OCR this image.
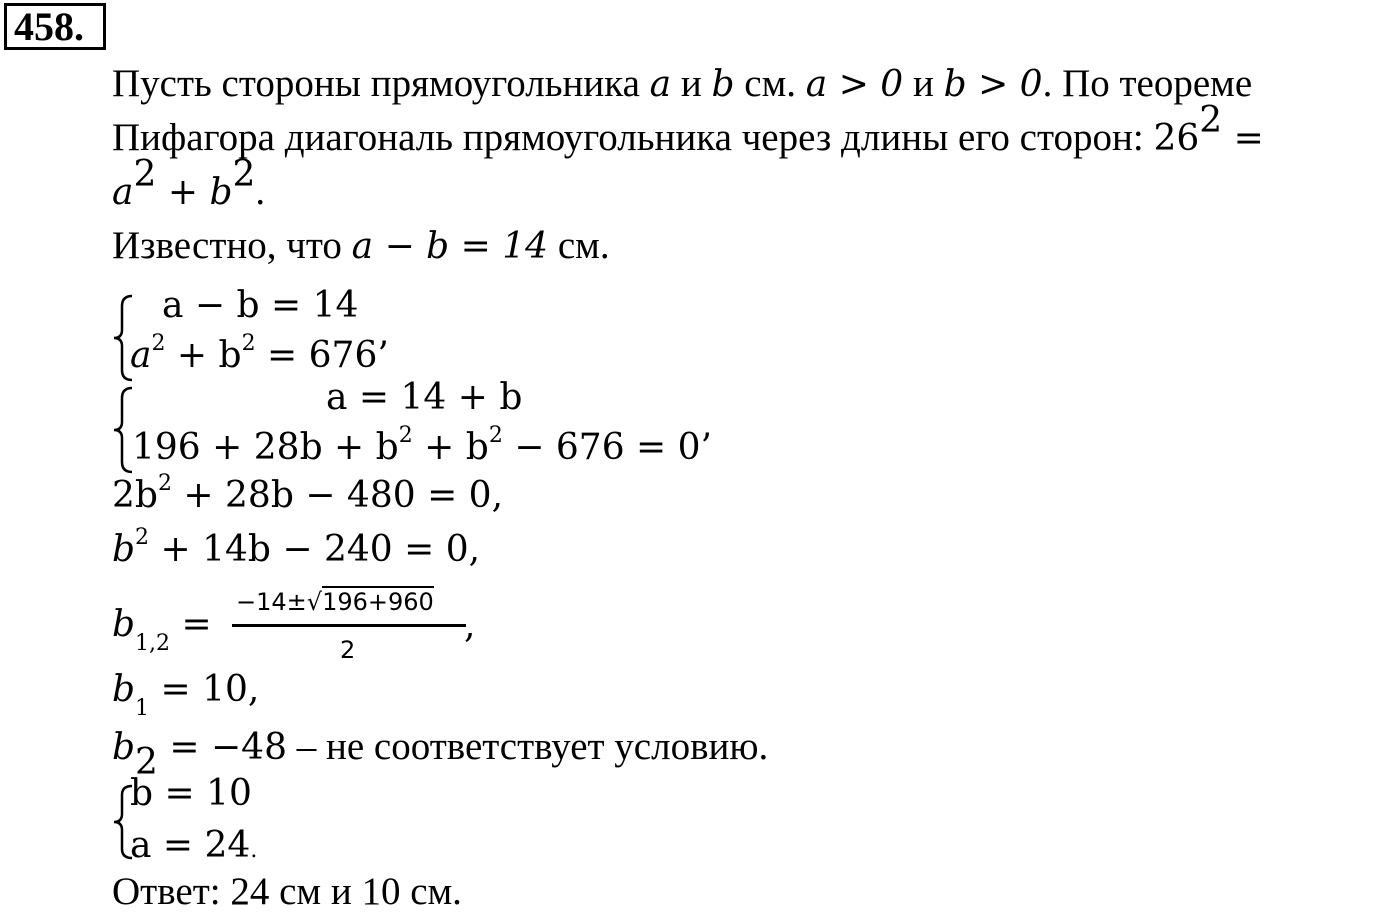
458.
Пусть стороны прямоугольника a и b см. a > 0 и b > 0. По теореме
Пифагора диагональ прямоугольника через длины его сторон: $26^2$ =
$a^2 + b^2$.
Известно, что a − b = 14 см.
a − b = 14
$a^2 + b^2 = 676$’
a = 14 + b
$196 + 28b + b^2 + b^2 - 676 = 0$’
$2b^2 + 28b - 480 = 0$,
$b^2 + 14b - 240 = 0$,
$b_{1,2}$ =
−14±√196+960
2
,
$b_1 = 10$,
$b_2 = -48$ – не соответствует условию.
b = 10
a = 24.
Ответ: 24 см и 10 см.
